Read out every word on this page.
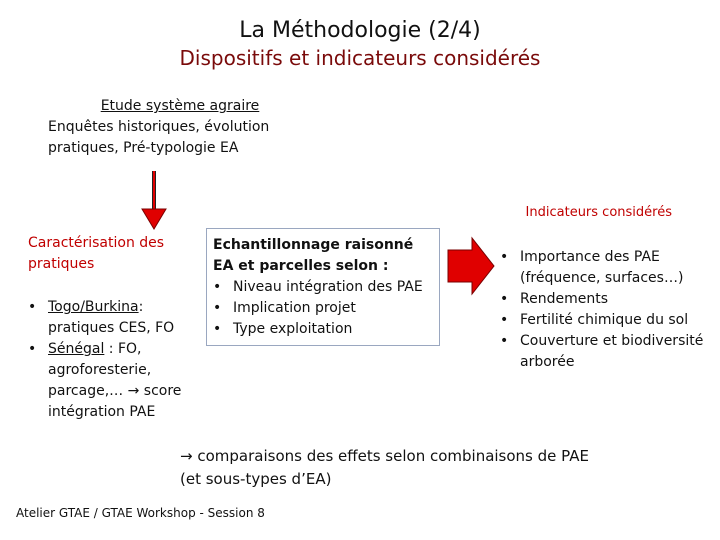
La Méthodologie (2/4)
Dispositifs et indicateurs considérés
Etude système agraire
Enquêtes historiques, évolution
pratiques, Pré-typologie EA
Indicateurs considérés
Caractérisation des pratiques
• Togo/Burkina: pratiques CES, FO
• Sénégal : FO, agroforesterie, parcage,… → score intégration PAE
Echantillonnage raisonné EA et parcelles selon :
• Niveau intégration des PAE
• Implication projet
• Type exploitation
• Importance des PAE (fréquence, surfaces…)
• Rendements
• Fertilité chimique du sol
• Couverture et biodiversité arborée
→ comparaisons des effets selon combinaisons de PAE
(et sous-types d’EA)
Atelier GTAE / GTAE Workshop - Session 8
